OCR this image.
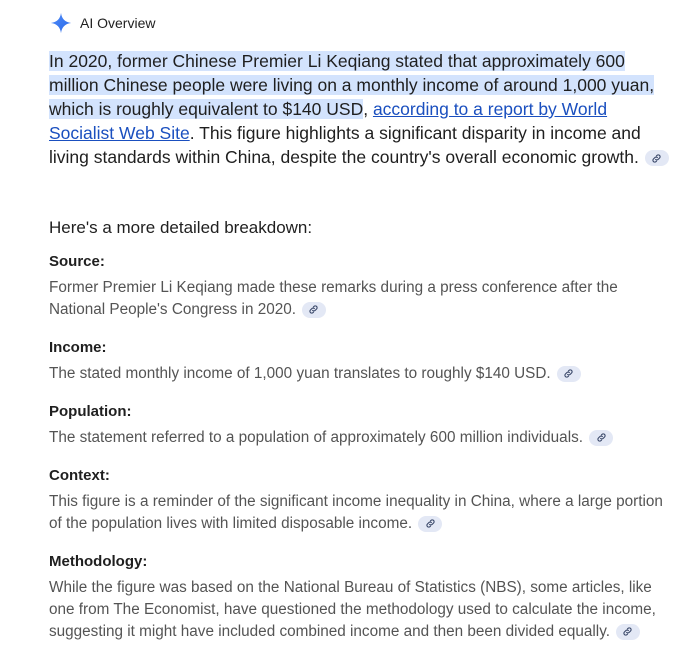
AI Overview

In 2020, former Chinese Premier Li Keqiang stated that approximately 600 million Chinese people were living on a monthly income of around 1,000 yuan, which is roughly equivalent to $140 USD, according to a report by World Socialist Web Site. This figure highlights a significant disparity in income and living standards within China, despite the country's overall economic growth.

Here's a more detailed breakdown:

Source:

Former Premier Li Keqiang made these remarks during a press conference after the National People's Congress in 2020.

Income:

The stated monthly income of 1,000 yuan translates to roughly $140 USD.

Population:

The statement referred to a population of approximately 600 million individuals.

Context:

This figure is a reminder of the significant income inequality in China, where a large portion of the population lives with limited disposable income.

Methodology:

While the figure was based on the National Bureau of Statistics (NBS), some articles, like one from The Economist, have questioned the methodology used to calculate the income, suggesting it might have included combined income and then been divided equally.
